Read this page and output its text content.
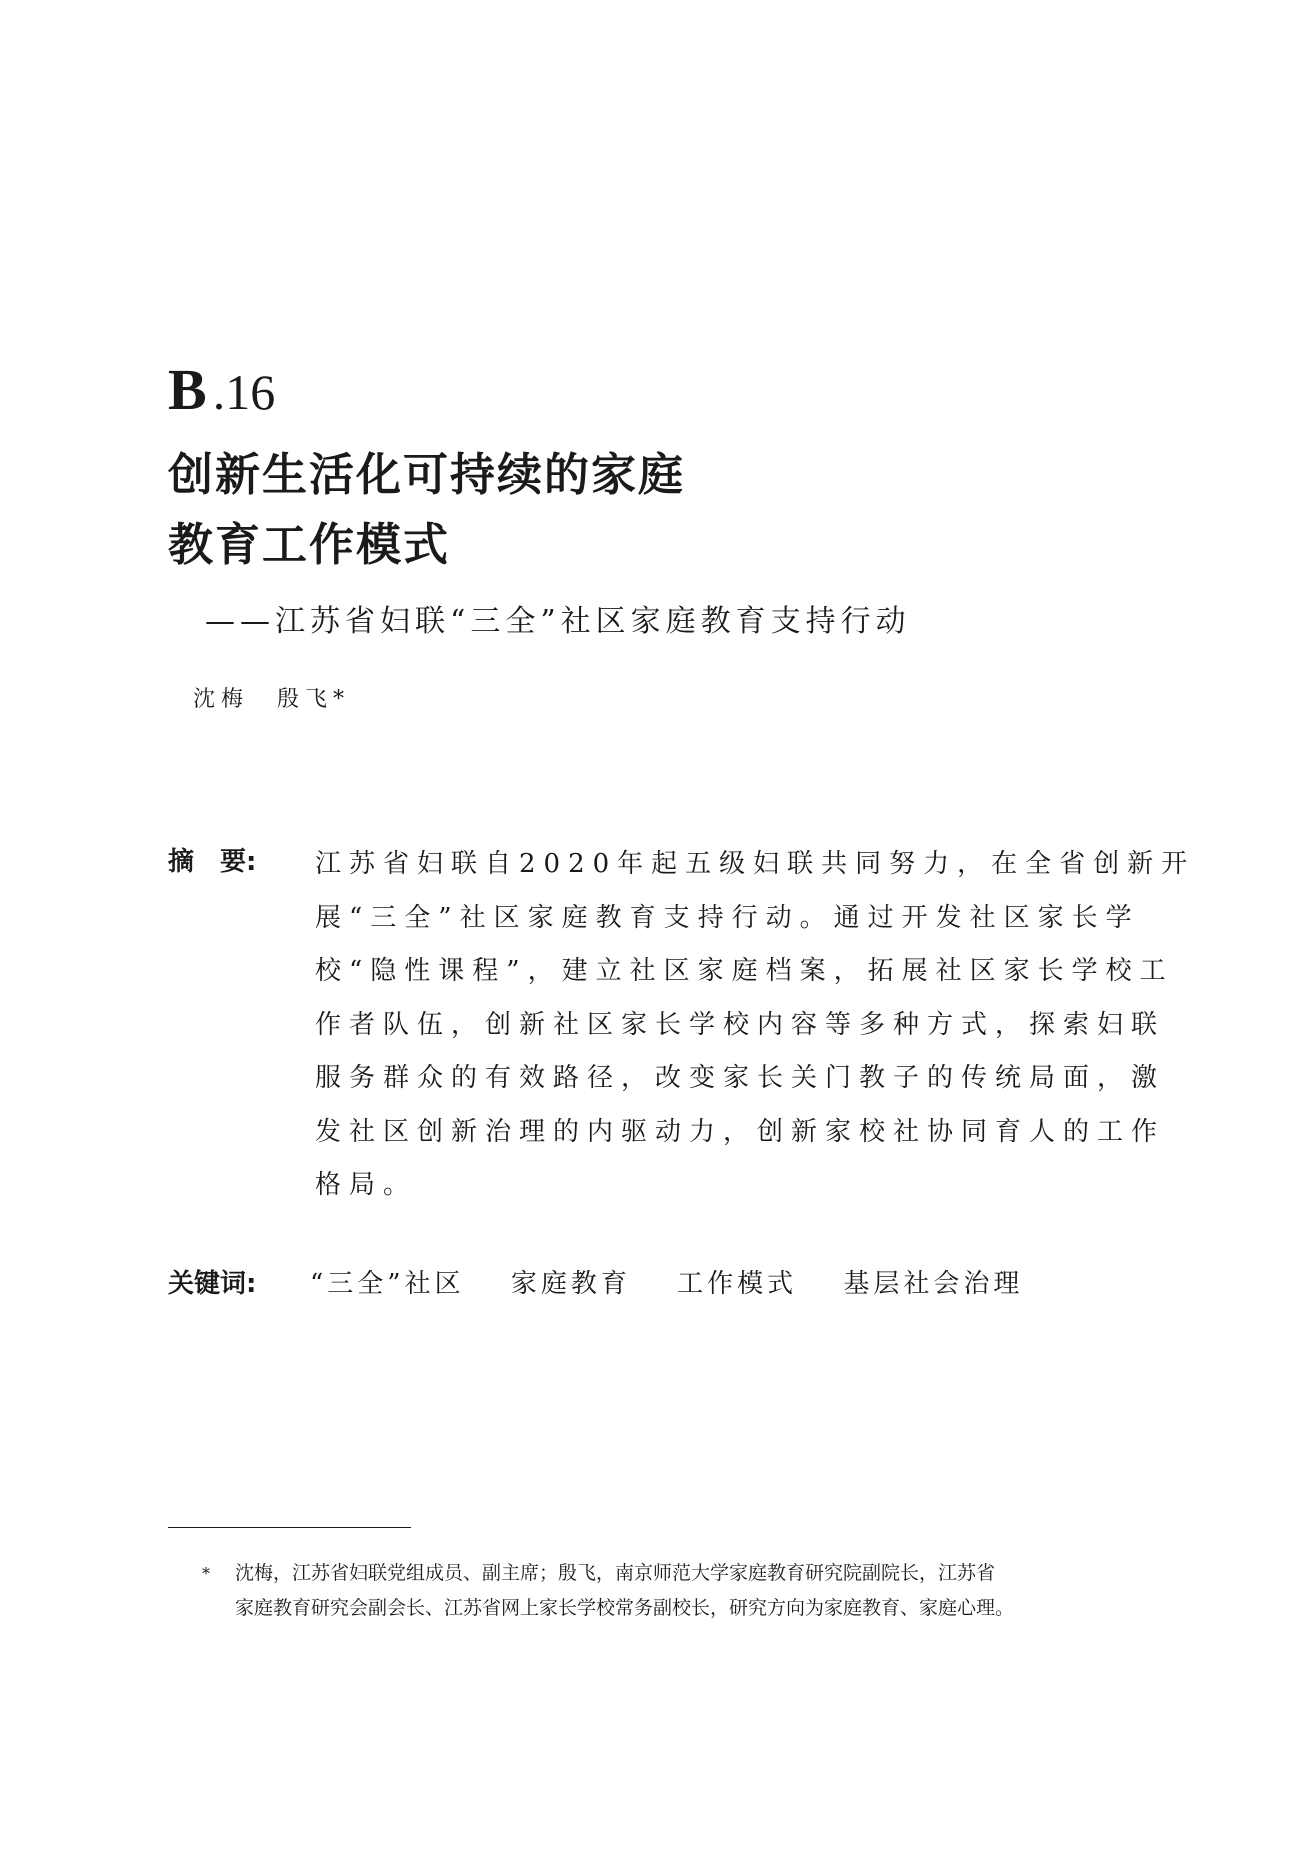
B.16
创新生活化可持续的家庭
教育工作模式
——江苏省妇联“三全”社区家庭教育支持行动
沈梅　殷飞*
摘　要: 江苏省妇联自2020年起五级妇联共同努力，在全省创新开
展“三全”社区家庭教育支持行动。通过开发社区家长学
校“隐性课程”，建立社区家庭档案，拓展社区家长学校工
作者队伍，创新社区家长学校内容等多种方式，探索妇联
服务群众的有效路径，改变家长关门教子的传统局面，激
发社区创新治理的内驱动力，创新家校社协同育人的工作
格局。
关键词: “三全”社区 家庭教育 工作模式 基层社会治理
*	沈梅，江苏省妇联党组成员、副主席；殷飞，南京师范大学家庭教育研究院副院长，江苏省
家庭教育研究会副会长、江苏省网上家长学校常务副校长，研究方向为家庭教育、家庭心理。
